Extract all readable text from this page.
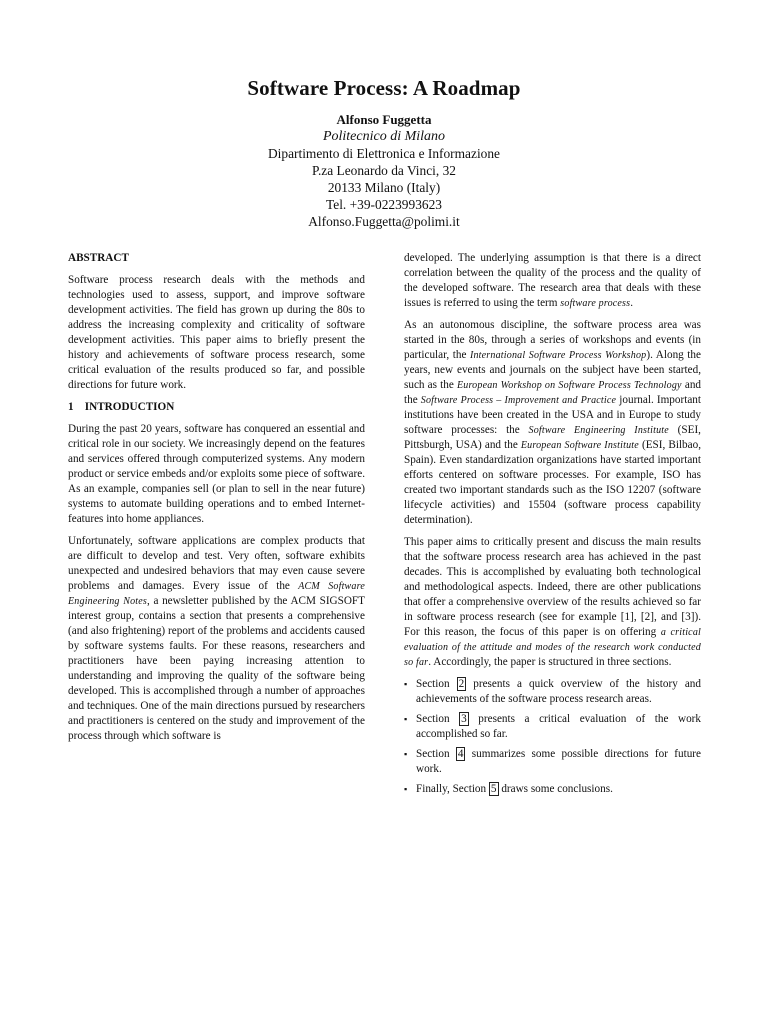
Software Process: A Roadmap

Alfonso Fuggetta

Politecnico di Milano

Dipartimento di Elettronica e Informazione

P.za Leonardo da Vinci, 32

20133 Milano (Italy)

Tel. +39-0223993623

Alfonso.Fuggetta@polimi.it

ABSTRACT

Software process research deals with the methods and technologies used to assess, support, and improve software development activities. The field has grown up during the 80s to address the increasing complexity and criticality of software development activities. This paper aims to briefly present the history and achievements of software process research, some critical evaluation of the results produced so far, and possible directions for future work.

1    INTRODUCTION

During the past 20 years, software has conquered an essential and critical role in our society. We increasingly depend on the features and services offered through computerized systems. Any modern product or service embeds and/or exploits some piece of software. As an example, companies sell (or plan to sell in the near future) systems to automate building operations and to embed Internet-features into home appliances.

Unfortunately, software applications are complex products that are difficult to develop and test. Very often, software exhibits unexpected and undesired behaviors that may even cause severe problems and damages. Every issue of the ACM Software Engineering Notes, a newsletter published by the ACM SIGSOFT interest group, contains a section that presents a comprehensive (and also frightening) report of the problems and accidents caused by software systems faults. For these reasons, researchers and practitioners have been paying increasing attention to understanding and improving the quality of the software being developed. This is accomplished through a number of approaches and techniques. One of the main directions pursued by researchers and practitioners is centered on the study and improvement of the process through which software is

developed. The underlying assumption is that there is a direct correlation between the quality of the process and the quality of the developed software. The research area that deals with these issues is referred to using the term software process.

As an autonomous discipline, the software process area was started in the 80s, through a series of workshops and events (in particular, the International Software Process Workshop). Along the years, new events and journals on the subject have been started, such as the European Workshop on Software Process Technology and the Software Process – Improvement and Practice journal. Important institutions have been created in the USA and in Europe to study software processes: the Software Engineering Institute (SEI, Pittsburgh, USA) and the European Software Institute (ESI, Bilbao, Spain). Even standardization organizations have started important efforts centered on software processes. For example, ISO has created two important standards such as the ISO 12207 (software lifecycle activities) and 15504 (software process capability determination).

This paper aims to critically present and discuss the main results that the software process research area has achieved in the past decades. This is accomplished by evaluating both technological and methodological aspects. Indeed, there are other publications that offer a comprehensive overview of the results achieved so far in software process research (see for example [1], [2], and [3]). For this reason, the focus of this paper is on offering a critical evaluation of the attitude and modes of the research work conducted so far. Accordingly, the paper is structured in three sections.

▪ Section 2 presents a quick overview of the history and achievements of the software process research areas.
▪ Section 3 presents a critical evaluation of the work accomplished so far.
▪ Section 4 summarizes some possible directions for future work.
▪ Finally, Section 5 draws some conclusions.
